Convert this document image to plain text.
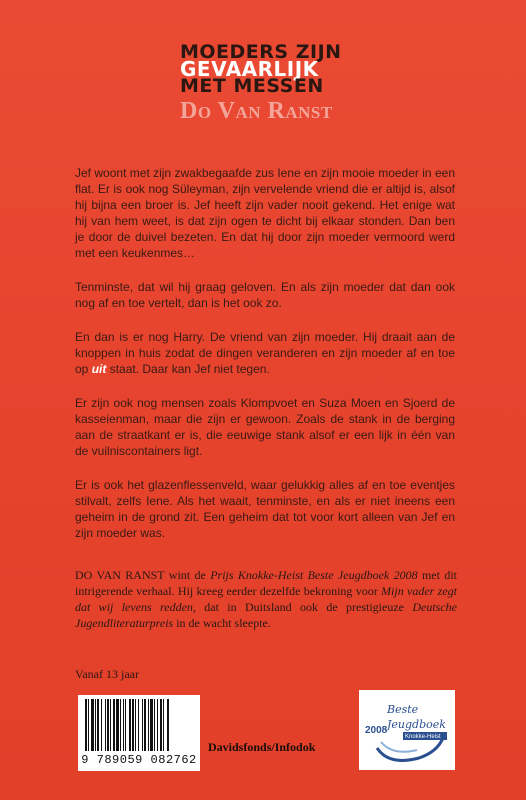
MOEDERS ZIJN
GEVAARLIJK
MET MESSEN
Do Van Ranst

Jef woont met zijn zwakbegaafde zus Iene en zijn mooie moeder in een flat. Er is ook nog Süleyman, zijn vervelende vriend die er altijd is, alsof hij bijna een broer is. Jef heeft zijn vader nooit gekend. Het enige wat hij van hem weet, is dat zijn ogen te dicht bij elkaar stonden. Dan ben je door de duivel bezeten. En dat hij door zijn moeder vermoord werd met een keukenmes…

Tenminste, dat wil hij graag geloven. En als zijn moeder dat dan ook nog af en toe vertelt, dan is het ook zo.

En dan is er nog Harry. De vriend van zijn moeder. Hij draait aan de knoppen in huis zodat de dingen veranderen en zijn moeder af en toe op uit staat. Daar kan Jef niet tegen.

Er zijn ook nog mensen zoals Klompvoet en Suza Moen en Sjoerd de kasseienman, maar die zijn er gewoon. Zoals de stank in de berging aan de straatkant er is, die eeuwige stank alsof er een lijk in één van de vuilniscontainers ligt.

Er is ook het glazenflessenveld, waar gelukkig alles af en toe eventjes stilvalt, zelfs Iene. Als het waait, tenminste, en als er niet ineens een geheim in de grond zit. Een geheim dat tot voor kort alleen van Jef en zijn moeder was.

DO VAN RANST wint de Prijs Knokke-Heist Beste Jeugdboek 2008 met dit intrigerende verhaal. Hij kreeg eerder dezelfde bekroning voor Mijn vader zegt dat wij levens redden, dat in Duitsland ook de prestigieuze Deutsche Jugendliteraturpreis in de wacht sleepte.
Vanaf 13 jaar
9 789059 082762
Davidsfonds/Infodok
Beste
Jeugdboek
2008
Knokke-Heist
